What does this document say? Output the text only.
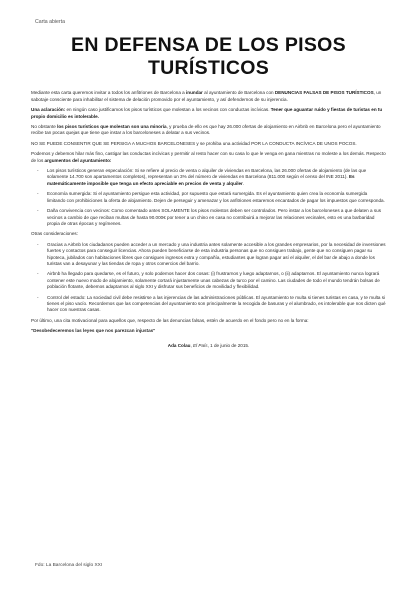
Carta abierta
EN DEFENSA DE LOS PISOS
TURÍSTICOS

Mediante esta carta queremos invitar a todos los anfitriones de Barcelona a inundar al ayuntamiento de Barcelona con DENUNCIAS FALSAS DE PISOS TURÍSTICOS, un sabotaje consciente para inhabilitar el sistema de delación promovido por el ayuntamiento, y así defendernos de su injerencia.

Una aclaración: en ningún caso justificamos los pisos turísticos que molestan a los vecinos con conductas incívicas. Tener que aguantar ruido y fiestas de turistas en tu propio domicilio es intolerable.

No obstante los pisos turísticos que molestan son una minoría, y prueba de ello es que hay 26.000 ofertas de alojamiento en Airbnb en Barcelona pero el ayuntamiento recibe tan pocas quejas que tiene que instar a los barceloneses a delatar a sus vecinos.

NO SE PUEDE CONSENTIR QUE SE PERSIGA A MUCHOS BARCELONESES y se prohiba una actividad POR LA CONDUCTA INCÍVICA DE UNOS POCOS.

Podemos y debemos hilar más fino, castigar las conductas incívicas y permitir al resto hacer con su casa lo que le venga en gana mientras no moleste a los demás. Respecto de los argumentos del ayuntamiento:

- Los pisos turísticos generan especulación: Si se refiere al precio de venta o alquiler de viviendas en Barcelona, las 26.000 ofertas de alojamiento (de las que solamente 14.700 son apartamentos completos), representan un 3% del número de viviendas en Barcelona (811.000 según el censo del INE 2011). Es matemáticamente imposible que tenga un efecto apreciable en precios de venta y alquiler.
- Economía sumergida: Si el ayuntamiento persigue esta actividad, por supuesto que estará sumergida. Es el ayuntamiento quien crea la economía sumergida limitando con prohibiciones la oferta de alojamiento. Dejen de perseguir y amenazar y los anfitriones estaremos encantados de pagar los impuestos que corresponda.
- Daña convivencia con vecinos: Como comentado antes SOLAMENTE los pisos molestos deben ser controlados. Pero instar a los barceloneses a que delaten a sus vecinos a cambio de que reciban multas de hasta 90.000€ por tener a un chino en casa no contribuirá a mejorar las relaciones vecinales, esto es una barbaridad propia de otras épocas y regímenes.

Otras consideraciones:

- Gracias a Airbnb los ciudadanos pueden acceder a un mercado y una industria antes solamente accesible a los grandes empresarios, por la necesidad de inversiones fuertes y contactos para conseguir licencias. Ahora pueden beneficiarse de esta industria personas que no consiguen trabajo, gente que no consiguen pagar su hipoteca, jubilados con habitaciones libres que consiguen ingresos extra y compañía, estudiantes que logran pagar así el alquiler, el del bar de abajo a donde los turistas van a desayunar y las tiendas de ropa y otros comercios del barrio.
- Airbnb ha llegado para quedarse, es el futuro, y solo podemos hacer dos cosas: (i) frustrarnos y luego adaptarnos, o (ii) adaptarnos. El ayuntamiento nunca logrará contener este nuevo modo de alojamiento, solamente cortará injustamente unas cabezas de turco por el camino. Las ciudades de todo el mundo tendrán bolsas de población flotante, debemos adaptarnos al siglo XXI y disfrutar sus beneficios de movilidad y flexibilidad.
- Control del estado: La sociedad civil debe resistirse a las injerencias de las administraciones públicas. El ayuntamiento te multa si tienes turistas en casa, y te multa si tienes el piso vacío. Recordemos que las competencias del ayuntamiento son principalmente la recogida de basuras y el alumbrado, es intolerable que nos dicten qué hacer con nuestras casas.

Por último, una cita motivacional para aquellos que, respecto de las denuncias falsas, estén de acuerdo en el fondo pero no en la forma:

"Desobedeceremos las leyes que nos parezcan injustas"

Ada Colau, El País, 1 de junio de 2015.

Fdo: La Barcelona del siglo XXI
